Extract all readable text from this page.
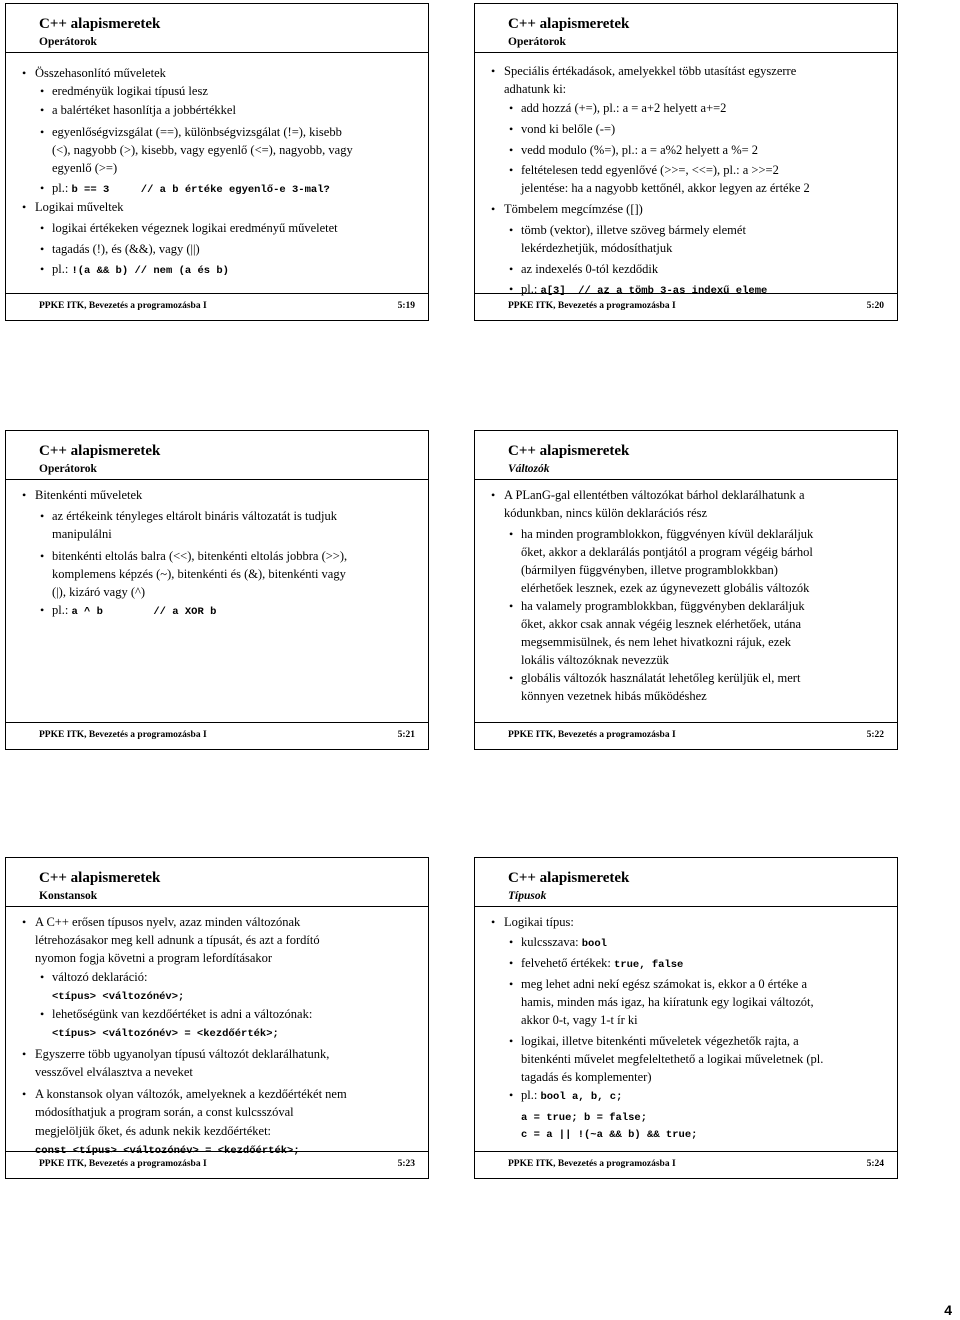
C++ alapismeretek
Operátorok
• Összehasonlító műveletek
• eredményük logikai típusú lesz
• a balértéket hasonlítja a jobbértékkel
• egyenlőségvizsgálat (==), különbségvizsgálat (!=), kisebb
(<), nagyobb (>), kisebb, vagy egyenlő (<=), nagyobb, vagy
egyenlő (>=)
• pl.: b == 3     // a b értéke egyenlő-e 3-mal?
• Logikai műveltek
• logikai értékeken végeznek logikai eredményű műveletet
• tagadás (!), és (&&), vagy (||)
• pl.: !(a && b) // nem (a és b)
PPKE ITK, Bevezetés a programozásba I	5:19
C++ alapismeretek
Operátorok
• Speciális értékadások, amelyekkel több utasítást egyszerre
adhatunk ki:
• add hozzá (+=), pl.: a = a+2 helyett a+=2
• vond ki belőle (-=)
• vedd modulo (%=), pl.: a = a%2 helyett a %= 2
• feltételesen tedd egyenlővé (>>=, <<=), pl.: a >>=2
jelentése: ha a nagyobb kettőnél, akkor legyen az értéke 2
• Tömbelem megcímzése ([])
• tömb (vektor), illetve szöveg bármely elemét
lekérdezhetjük, módosíthatjuk
• az indexelés 0-tól kezdődik
• pl.: a[3]  // az a tömb 3-as indexű eleme
PPKE ITK, Bevezetés a programozásba I	5:20
C++ alapismeretek
Operátorok
• Bitenkénti műveletek
• az értékeink tényleges eltárolt bináris változatát is tudjuk
manipulálni
• bitenkénti eltolás balra (<<), bitenkénti eltolás jobbra (>>),
komplemens képzés (~), bitenkénti és (&), bitenkénti vagy
(|), kizáró vagy (^)
• pl.: a ^ b        // a XOR b
PPKE ITK, Bevezetés a programozásba I	5:21
C++ alapismeretek
Változók
• A PLanG-gal ellentétben változókat bárhol deklarálhatunk a
kódunkban, nincs külön deklarációs rész
• ha minden programblokkon, függvényen kívül deklaráljuk
őket, akkor a deklarálás pontjától a program végéig bárhol
(bármilyen függvényben, illetve programblokkban)
elérhetőek lesznek, ezek az úgynevezett globális változók
• ha valamely programblokkban, függvényben deklaráljuk
őket, akkor csak annak végéig lesznek elérhetőek, utána
megsemmisülnek, és nem lehet hivatkozni rájuk, ezek
lokális változóknak nevezzük
• globális változók használatát lehetőleg kerüljük el, mert
könnyen vezetnek hibás működéshez
PPKE ITK, Bevezetés a programozásba I	5:22
C++ alapismeretek
Konstansok
• A C++ erősen típusos nyelv, azaz minden változónak
létrehozásakor meg kell adnunk a típusát, és azt a fordító
nyomon fogja követni a program lefordításakor
• változó deklaráció:
<típus> <változónév>;
• lehetőségünk van kezdőértéket is adni a változónak:
<típus> <változónév> = <kezdőérték>;
• Egyszerre több ugyanolyan típusú változót deklarálhatunk,
vesszővel elválasztva a neveket
• A konstansok olyan változók, amelyeknek a kezdőértékét nem
módosíthatjuk a program során, a const kulcsszóval
megjelöljük őket, és adunk nekik kezdőértéket:
const <típus> <változónév> = <kezdőérték>;
PPKE ITK, Bevezetés a programozásba I	5:23
C++ alapismeretek
Típusok
• Logikai típus:
• kulcsszava: bool
• felvehető értékek: true, false
• meg lehet adni nekí egész számokat is, ekkor a 0 értéke a
hamis, minden más igaz, ha kiíratunk egy logikai változót,
akkor 0-t, vagy 1-t ír ki
• logikai, illetve bitenkénti műveletek végezhetők rajta, a
bitenkénti művelet megfeleltethető a logikai műveletnek (pl.
tagadás és komplementer)
• pl.: bool a, b, c;
a = true; b = false;
c = a || !(~a && b) && true;
PPKE ITK, Bevezetés a programozásba I	5:24
4
